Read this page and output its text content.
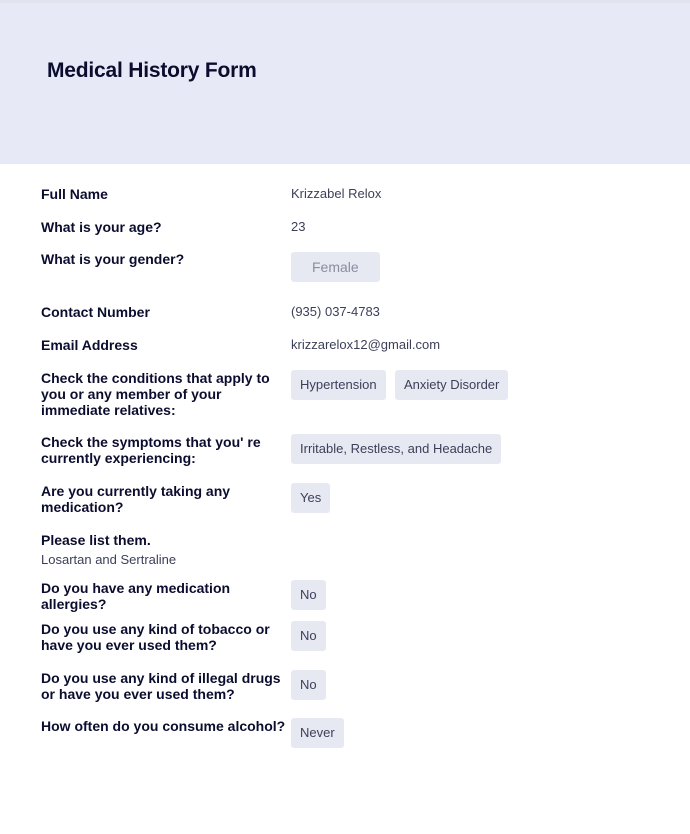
Medical History Form
Full Name	Krizzabel Relox
What is your age?	23
What is your gender?	Female
Contact Number	(935) 037-4783
Email Address	krizzarelox12@gmail.com
Check the conditions that apply to you or any member of your immediate relatives:
Hypertension	Anxiety Disorder
Check the symptoms that you' re currently experiencing:
Irritable, Restless, and Headache
Are you currently taking any medication?
Yes
Please list them.
Losartan and Sertraline
Do you have any medication allergies?
No
Do you use any kind of tobacco or have you ever used them?
No
Do you use any kind of illegal drugs or have you ever used them?
No
How often do you consume alcohol?	Never
